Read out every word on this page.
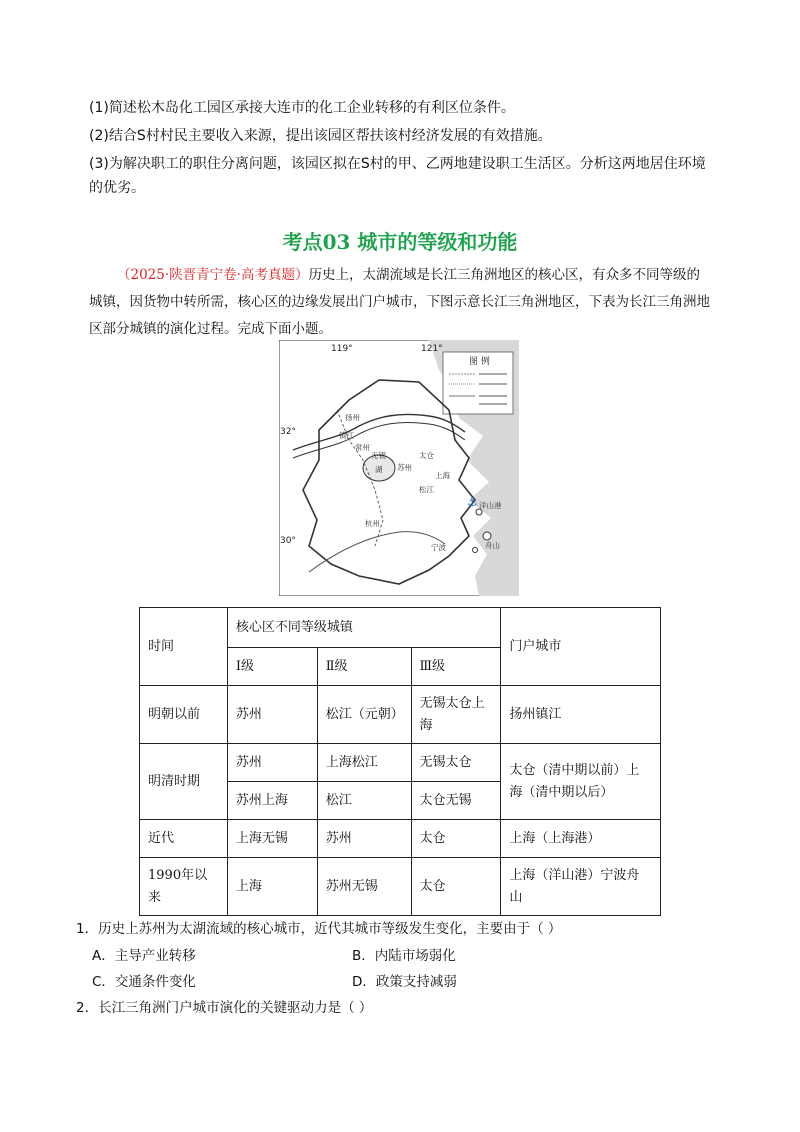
(1)简述松木岛化工园区承接大连市的化工企业转移的有利区位条件。
(2)结合S村村民主要收入来源，提出该园区帮扶该村经济发展的有效措施。
(3)为解决职工的职住分离问题，该园区拟在S村的甲、乙两地建设职工生活区。分析这两地居住环境的优劣。
考点03 城市的等级和功能
（2025·陕晋青宁卷·高考真题）历史上，太湖流域是长江三角洲地区的核心区，有众多不同等级的城镇，因货物中转所需，核心区的边缘发展出门户城市，下图示意长江三角洲地区，下表为长江三角洲地区部分城镇的演化过程。完成下面小题。
图 例
⚓
119°	121°
32°
30°
扬州
镇江
常州
无锡
苏州
太仓
松江
上海
杭州
宁波	舟山
洋山港
湖
时间	核心区不同等级城镇			门户城市
	Ⅰ级	Ⅱ级	Ⅲ级	
明朝以前	苏州	松江（元朝）	无锡太仓上海	扬州镇江
明清时期	苏州	上海松江	无锡太仓	太仓（清中期以前）上海（清中期以后）
	苏州上海	松江	太仓无锡	
近代	上海无锡	苏州	太仓	上海（上海港）
1990年以来	上海	苏州无锡	太仓	上海（洋山港）宁波舟山
1．历史上苏州为太湖流域的核心城市，近代其城市等级发生变化，主要由于（ ）
A．主导产业转移	B．内陆市场弱化
C．交通条件变化	D．政策支持减弱
2．长江三角洲门户城市演化的关键驱动力是（ ）
